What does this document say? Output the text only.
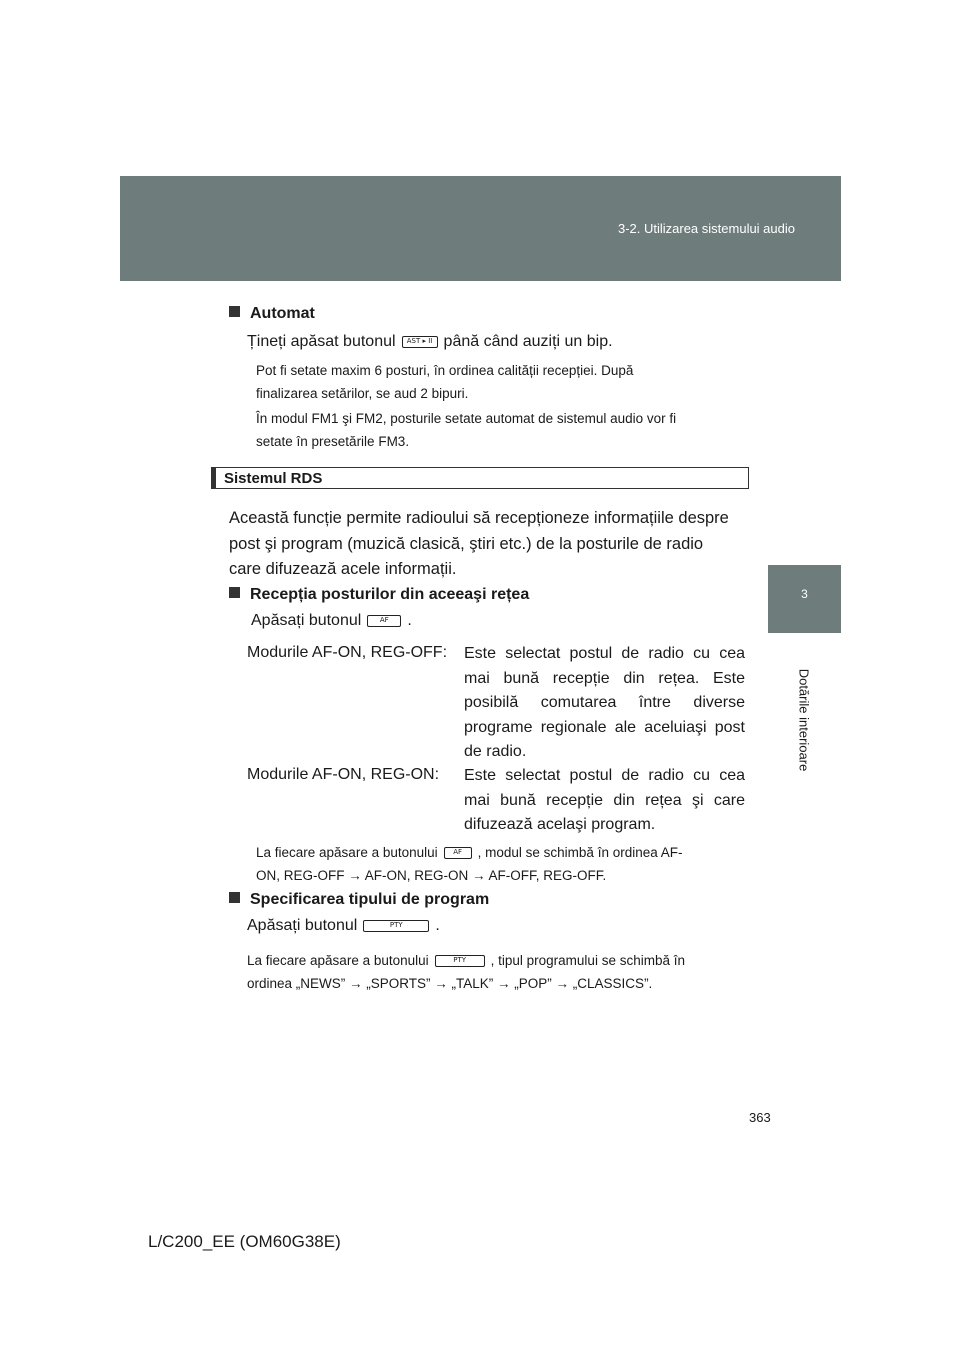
3-2. Utilizarea sistemului audio
3
Dotările interioare
Automat
Țineți apăsat butonul AST ▸ II până când auziți un bip.
Pot fi setate maxim 6 posturi, în ordinea calității recepției. După
finalizarea setărilor, se aud 2 bipuri.
În modul FM1 şi FM2, posturile setate automat de sistemul audio vor fi
setate în presetările FM3.
Sistemul RDS
Această funcție permite radioului să recepționeze informațiile despre
post şi program (muzică clasică, ştiri etc.) de la posturile de radio
care difuzează acele informații.
Recepția posturilor din aceeaşi rețea
Apăsați butonul	AF .
Modurile AF-ON, REG-OFF: Este selectat postul de radio cu cea mai bună recepție din rețea. Este posibilă comutarea între diverse programe regionale ale aceluiaşi post de radio.
Modurile AF-ON, REG-ON: Este selectat postul de radio cu cea mai bună recepție din rețea şi care difuzează acelaşi program.
La fiecare apăsare a butonului AF , modul se schimbă în ordinea AF-
ON, REG-OFF → AF-ON, REG-ON → AF-OFF, REG-OFF.
Specificarea tipului de program
Apăsați butonul	PTY .
La fiecare apăsare a butonului	PTY , tipul programului se schimbă în
ordinea „NEWS” → „SPORTS” → „TALK” → „POP” → „CLASSICS”.
363
L/C200_EE (OM60G38E)
